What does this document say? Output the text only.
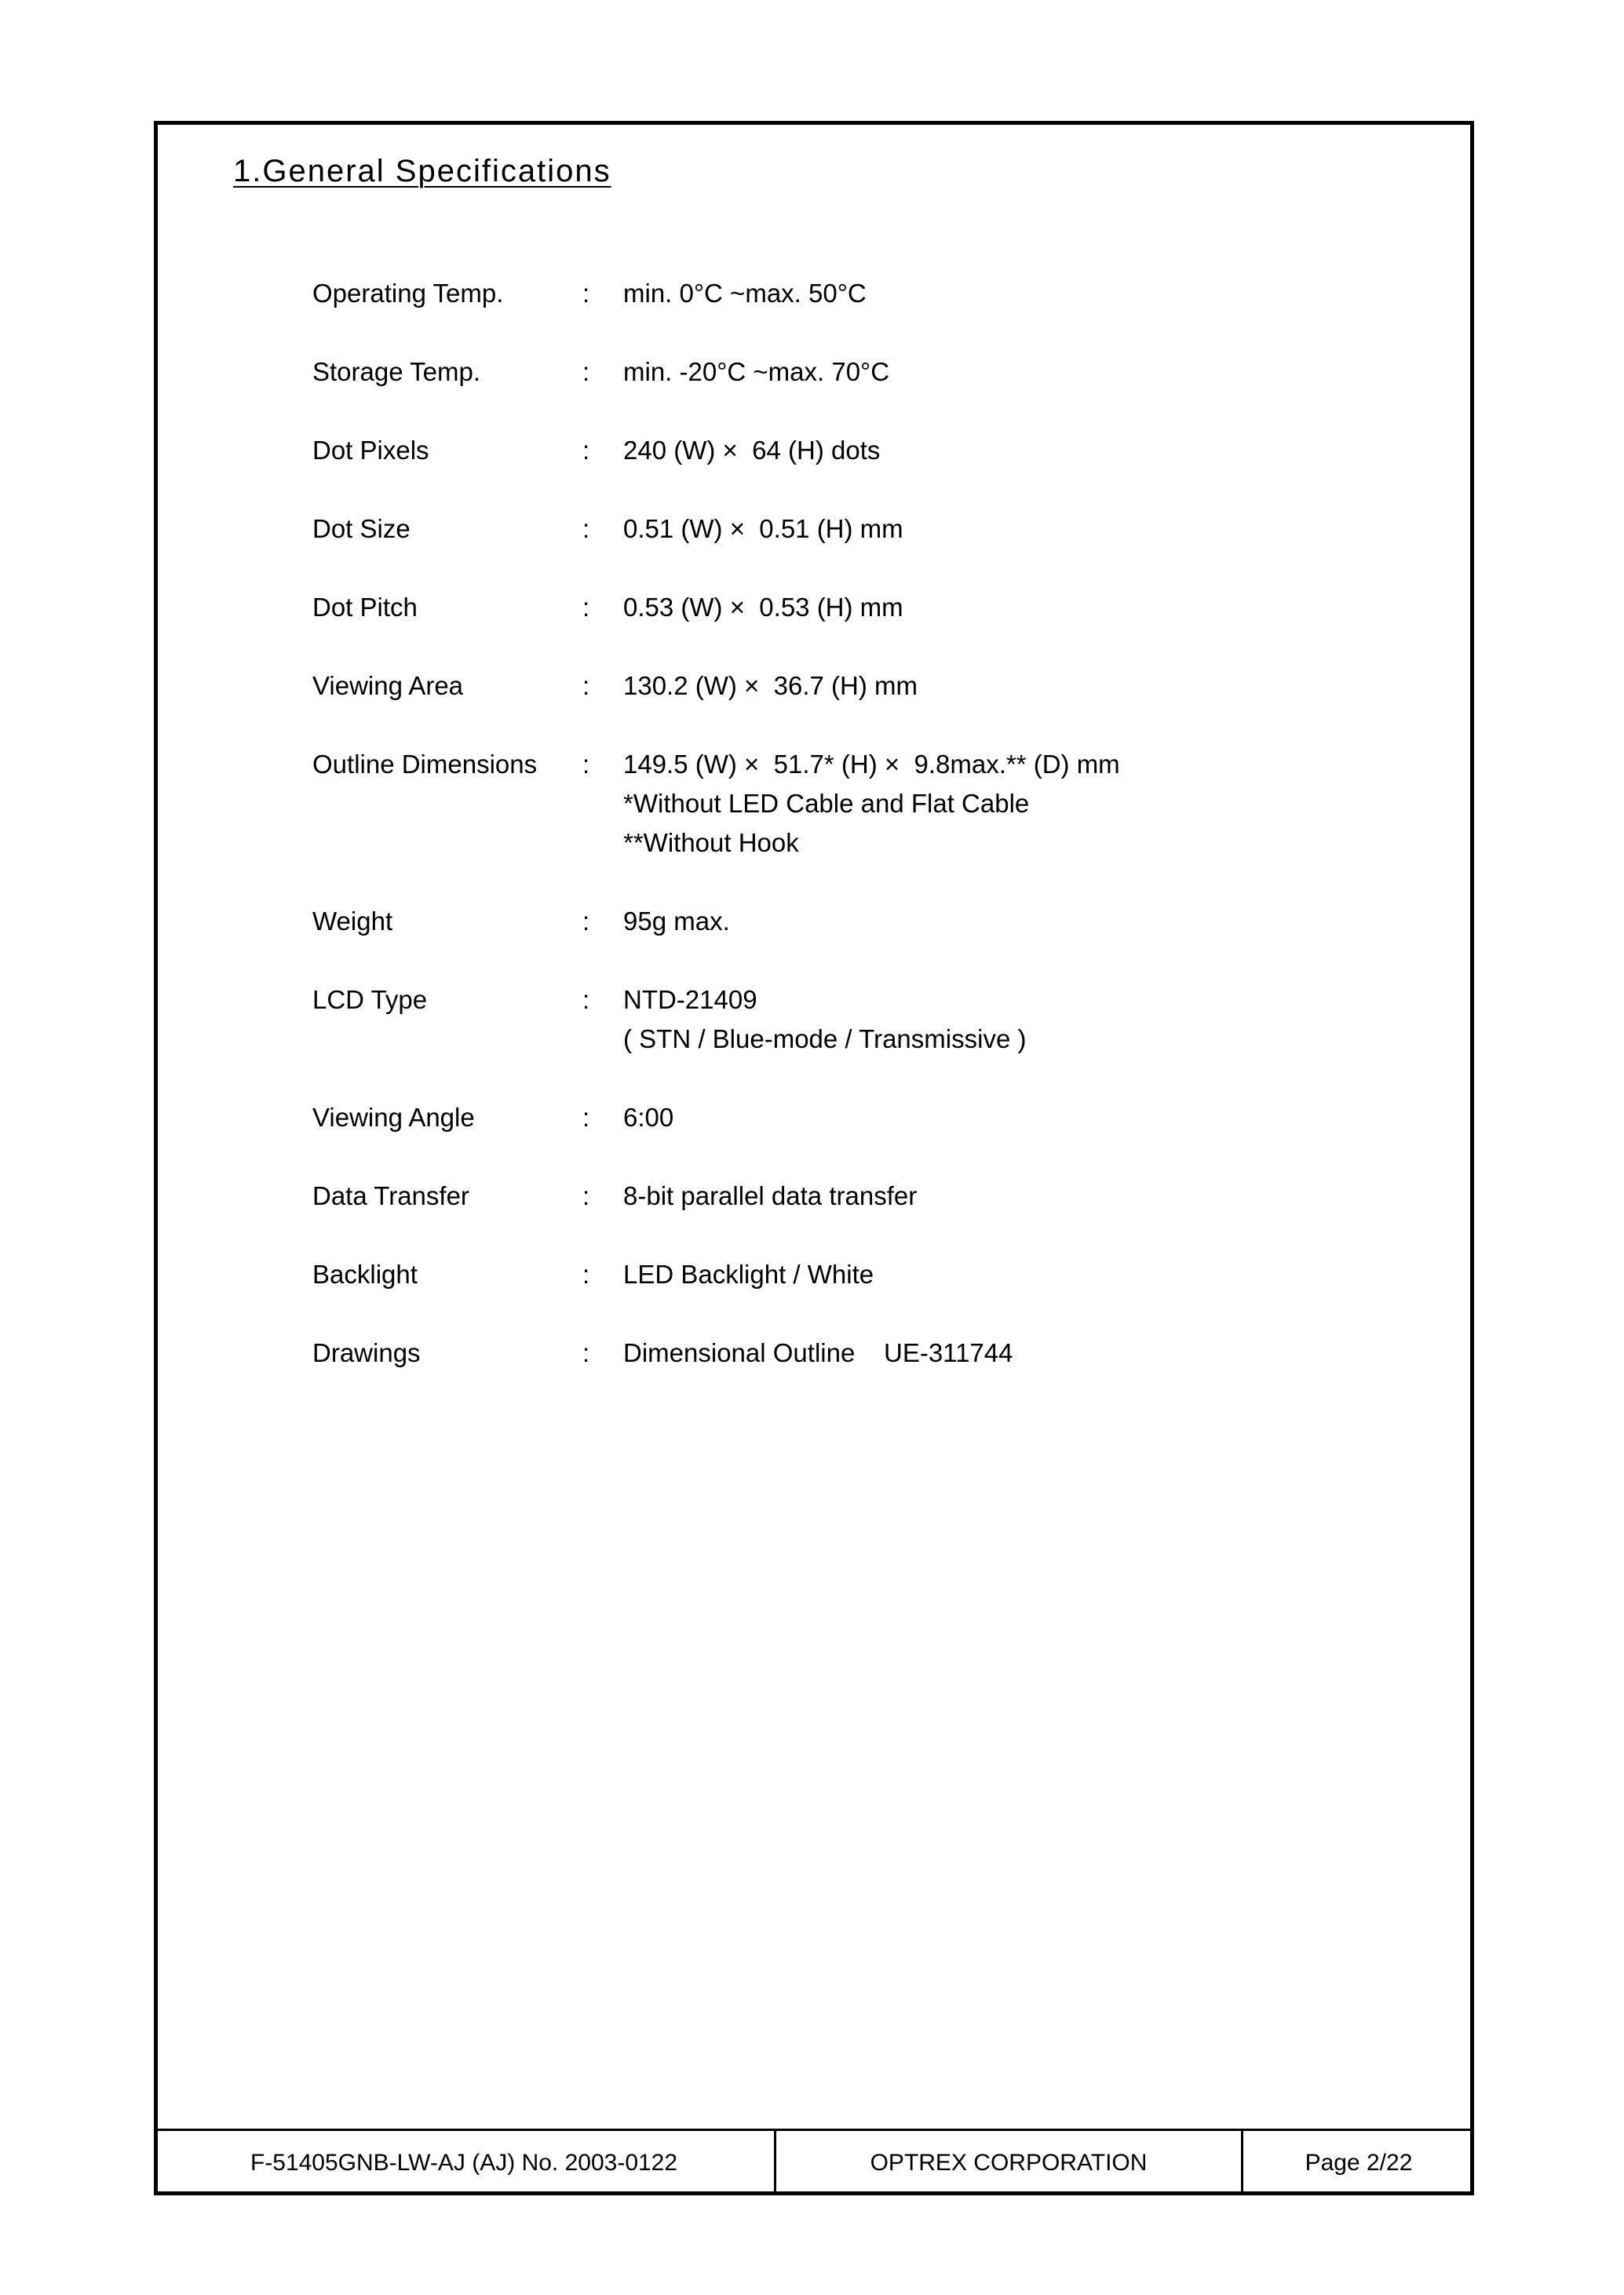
1.General Specifications
Operating Temp.	: min. 0°C ~max. 50°C
Storage Temp.	: min. -20°C ~max. 70°C
Dot Pixels	: 240 (W) ×  64 (H) dots
Dot Size	: 0.51 (W) ×  0.51 (H) mm
Dot Pitch	: 0.53 (W) ×  0.53 (H) mm
Viewing Area	: 130.2 (W) ×  36.7 (H) mm
Outline Dimensions : 149.5 (W) ×  51.7* (H) ×  9.8max.** (D) mm
*Without LED Cable and Flat Cable
**Without Hook
Weight	: 95g max.
LCD Type	: NTD-21409
( STN / Blue-mode / Transmissive )
Viewing Angle	: 6:00
Data Transfer	: 8-bit parallel data transfer
Backlight	: LED Backlight / White
Drawings	: Dimensional Outline    UE-311744
F-51405GNB-LW-AJ (AJ) No. 2003-0122	OPTREX CORPORATION	Page 2/22
